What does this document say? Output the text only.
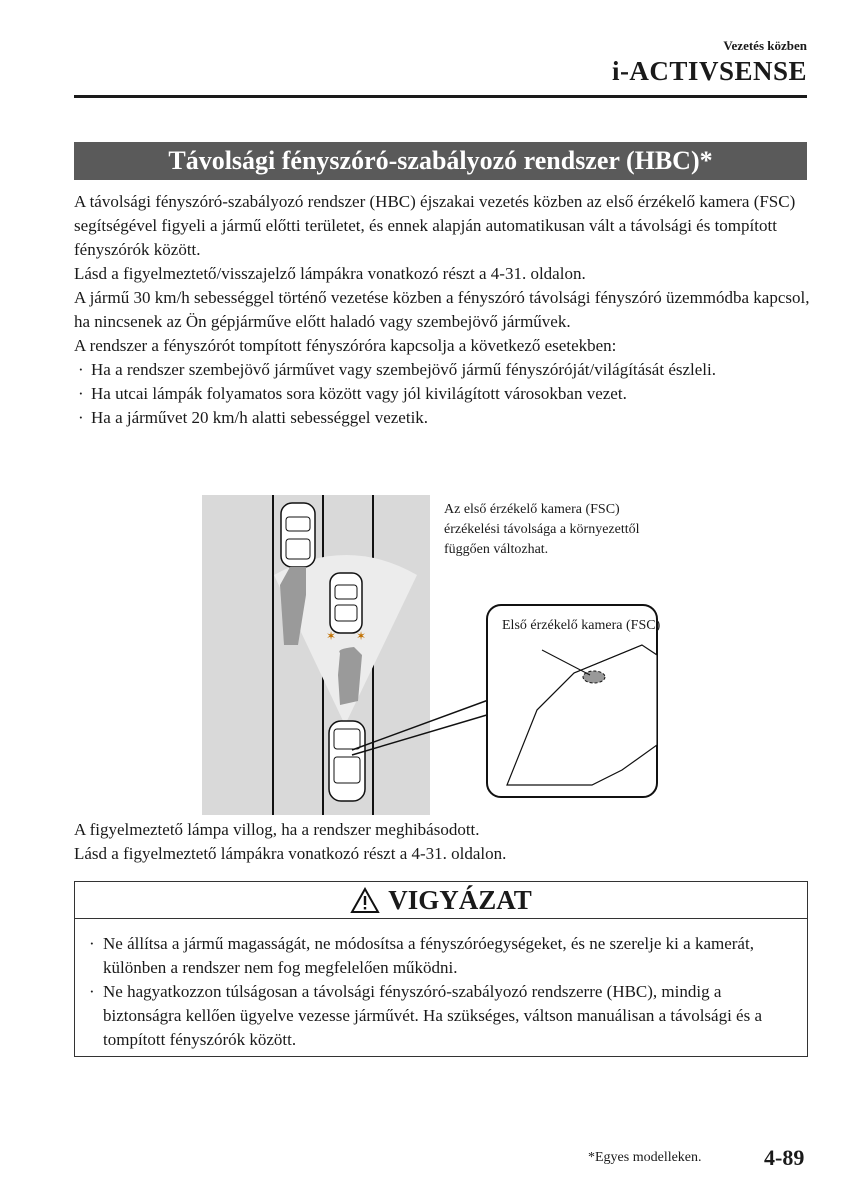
Vezetés közben
i-ACTIVSENSE
Távolsági fényszóró-szabályozó rendszer (HBC)*

A távolsági fényszóró-szabályozó rendszer (HBC) éjszakai vezetés közben az első érzékelő kamera (FSC) segítségével figyeli a jármű előtti területet, és ennek alapján automatikusan vált a távolsági és tompított fényszórók között.

Lásd a figyelmeztető/visszajelző lámpákra vonatkozó részt a 4-31. oldalon.

A jármű 30 km/h sebességgel történő vezetése közben a fényszóró távolsági fényszóró üzemmódba kapcsol, ha nincsenek az Ön gépjárműve előtt haladó vagy szembejövő járművek.

A rendszer a fényszórót tompított fényszóróra kapcsolja a következő esetekben:

· Ha a rendszer szembejövő járművet vagy szembejövő jármű fényszóróját/világítását észleli.
· Ha utcai lámpák folyamatos sora között vagy jól kivilágított városokban vezet.
· Ha a járművet 20 km/h alatti sebességgel vezetik.
✶ ✶
Az első érzékelő kamera (FSC) érzékelési távolsága a környezettől függően változhat.
Első érzékelő kamera (FSC)

A figyelmeztető lámpa villog, ha a rendszer meghibásodott.

Lásd a figyelmeztető lámpákra vonatkozó részt a 4-31. oldalon.

VIGYÁZAT
· Ne állítsa a jármű magasságát, ne módosítsa a fényszóróegységeket, és ne szerelje ki a kamerát, különben a rendszer nem fog megfelelően működni.
· Ne hagyatkozzon túlságosan a távolsági fényszóró-szabályozó rendszerre (HBC), mindig a biztonságra kellően ügyelve vezesse járművét. Ha szükséges, váltson manuálisan a távolsági és a tompított fényszórók között.
*Egyes modelleken.	4-89
